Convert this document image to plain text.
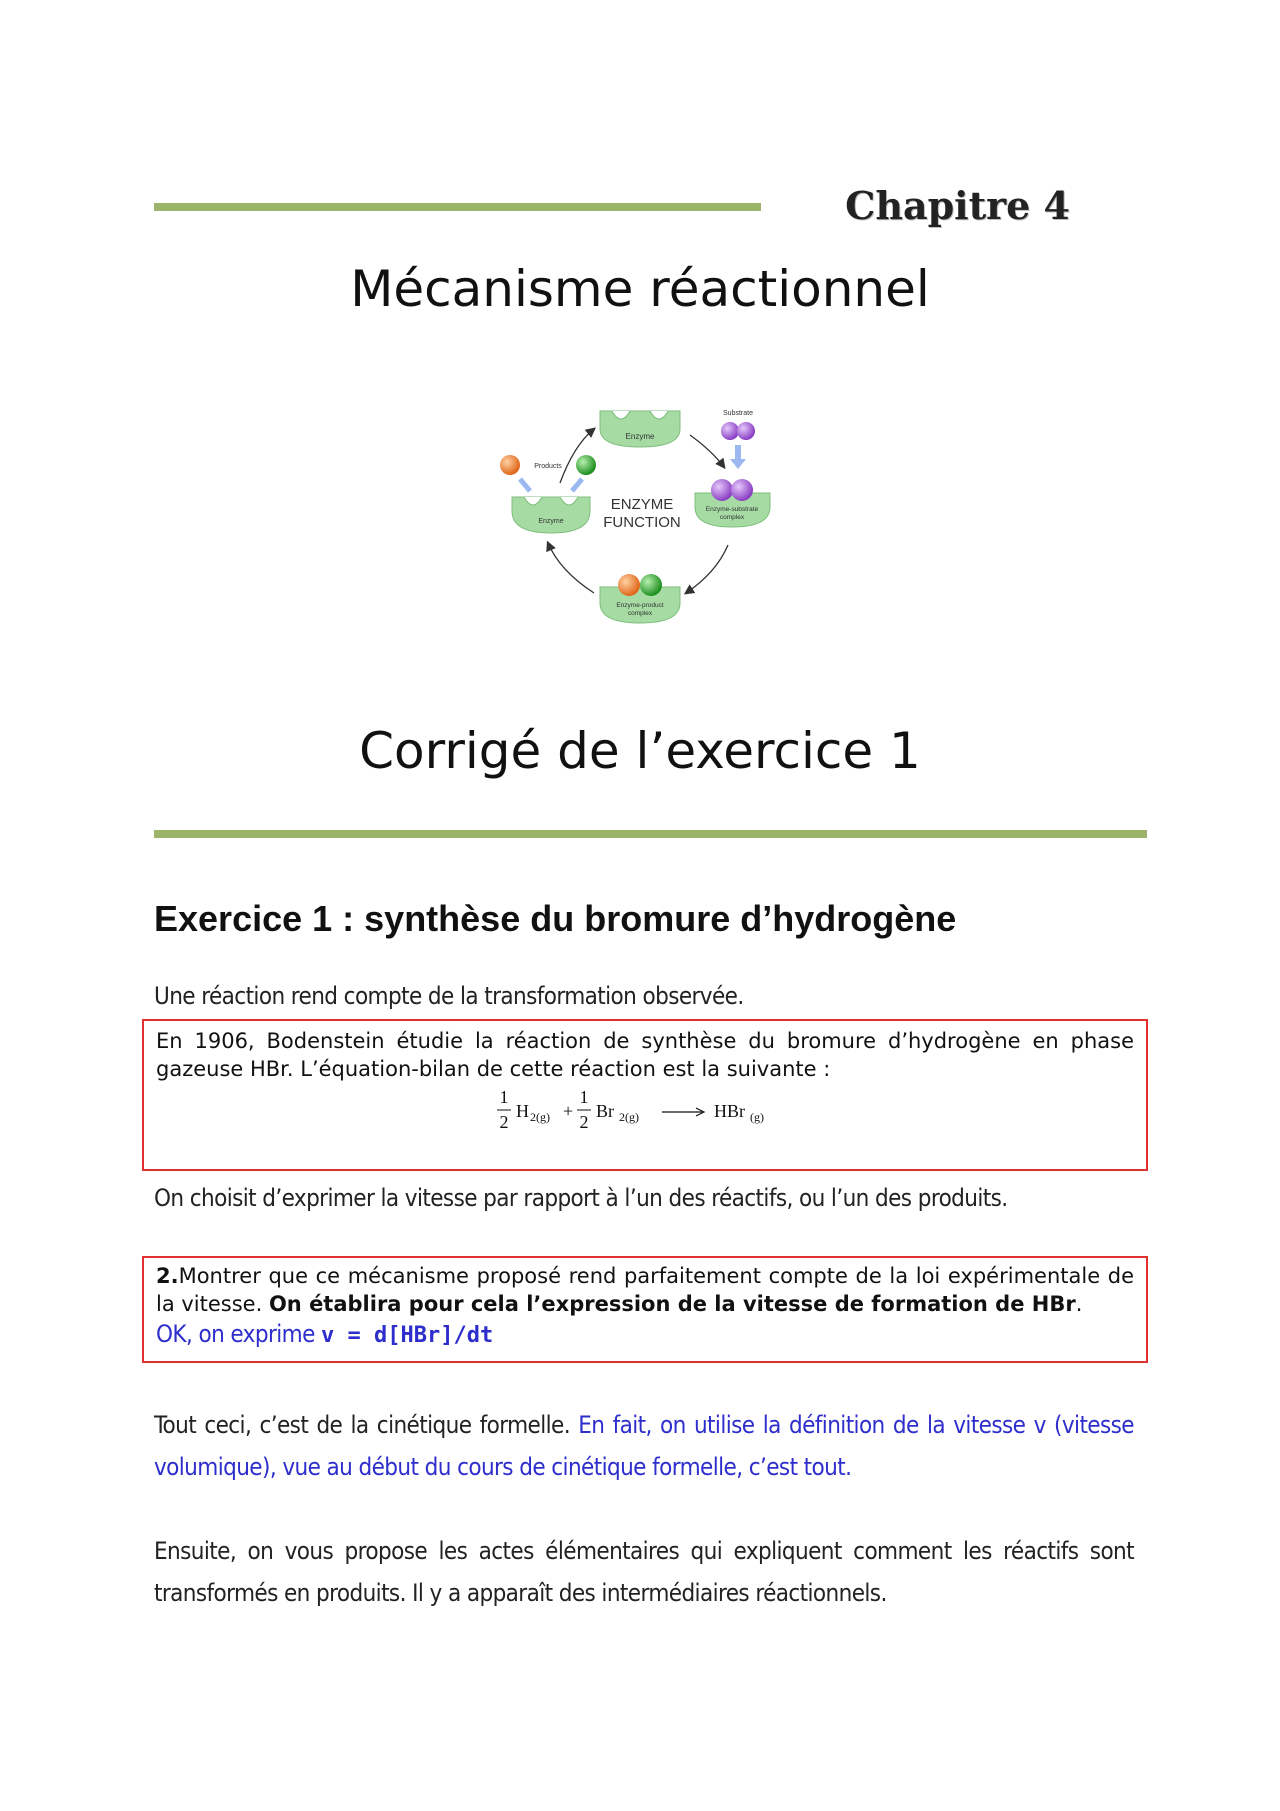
Chapitre 4
Mécanisme réactionnel
Enzyme
Substrate
Enzyme-substrate
complex
Enzyme-product
complex
Enzyme
Products
ENZYME
FUNCTION
Corrigé de l’exercice 1
Exercice 1 : synthèse du bromure d’hydrogène
Une réaction rend compte de la transformation observée.
En 1906, Bodenstein étudie la réaction de synthèse du bromure d’hydrogène en phase gazeuse HBr. L’équation-bilan de cette réaction est la suivante :
1
2
H 2(g) +
1
2
Br 2(g)	HBr (g)
On choisit d’exprimer la vitesse par rapport à l’un des réactifs, ou l’un des produits.
2.Montrer que ce mécanisme proposé rend parfaitement compte de la loi expérimentale de la vitesse. On établira pour cela l’expression de la vitesse de formation de HBr.
OK, on exprime v = d[HBr]/dt
Tout ceci, c’est de la cinétique formelle. En fait, on utilise la définition de la vitesse v (vitesse volumique), vue au début du cours de cinétique formelle, c’est tout.
Ensuite, on vous propose les actes élémentaires qui expliquent comment les réactifs sont transformés en produits. Il y a apparaît des intermédiaires réactionnels.
